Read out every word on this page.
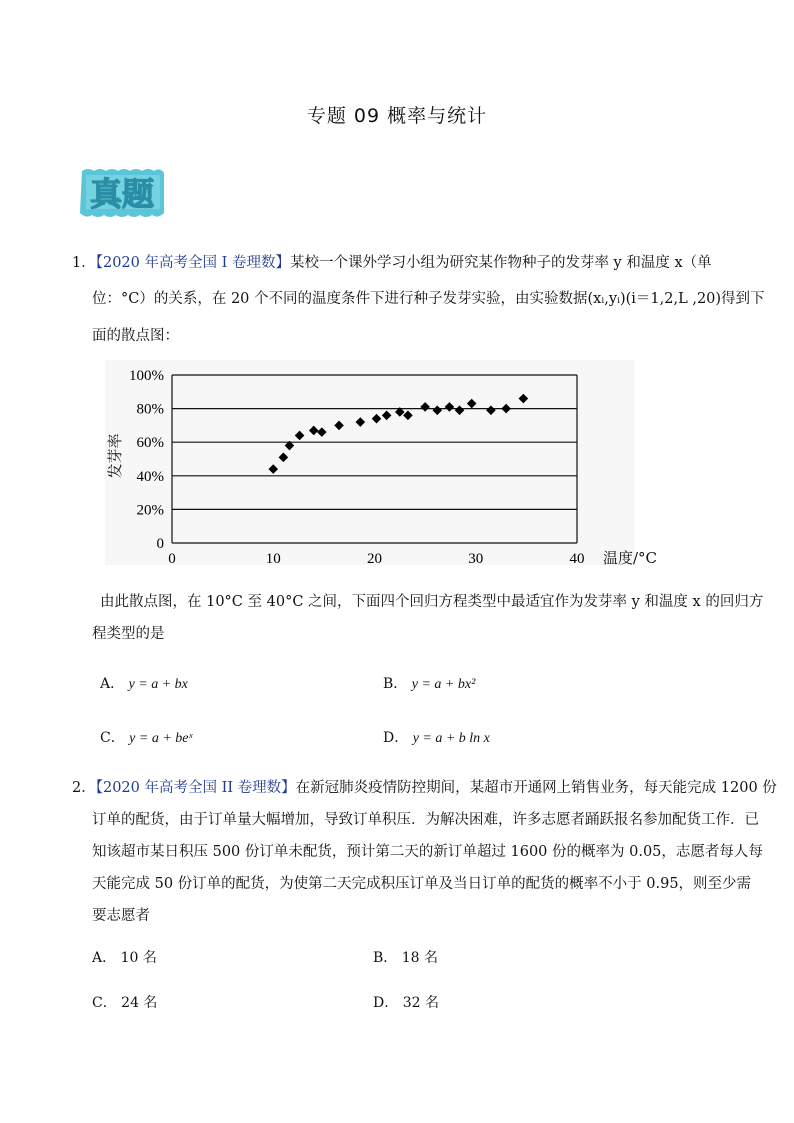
专题 09 概率与统计
真题
1．【2020 年高考全国 I 卷理数】某校一个课外学习小组为研究某作物种子的发芽率 y 和温度 x（单
位：°C）的关系，在 20 个不同的温度条件下进行种子发芽实验，由实验数据(xᵢ,yᵢ)(i＝1,2,L ,20)得到下
面的散点图：
0
20%
40%
60%
80%
100%
0	10	20	30	40
发芽率
温度/°C
由此散点图，在 10°C 至 40°C 之间，下面四个回归方程类型中最适宜作为发芽率 y 和温度 x 的回归方
程类型的是
A． y = a + bx	B． y = a + bx²
C． y = a + beˣ	D． y = a + b ln x
2．【2020 年高考全国 II 卷理数】在新冠肺炎疫情防控期间，某超市开通网上销售业务，每天能完成 1200 份
订单的配货，由于订单量大幅增加，导致订单积压．为解决困难，许多志愿者踊跃报名参加配货工作．已
知该超市某日积压 500 份订单未配货，预计第二天的新订单超过 1600 份的概率为 0.05，志愿者每人每
天能完成 50 份订单的配货，为使第二天完成积压订单及当日订单的配货的概率不小于 0.95，则至少需
要志愿者
A． 10 名	B． 18 名
C． 24 名	D． 32 名
